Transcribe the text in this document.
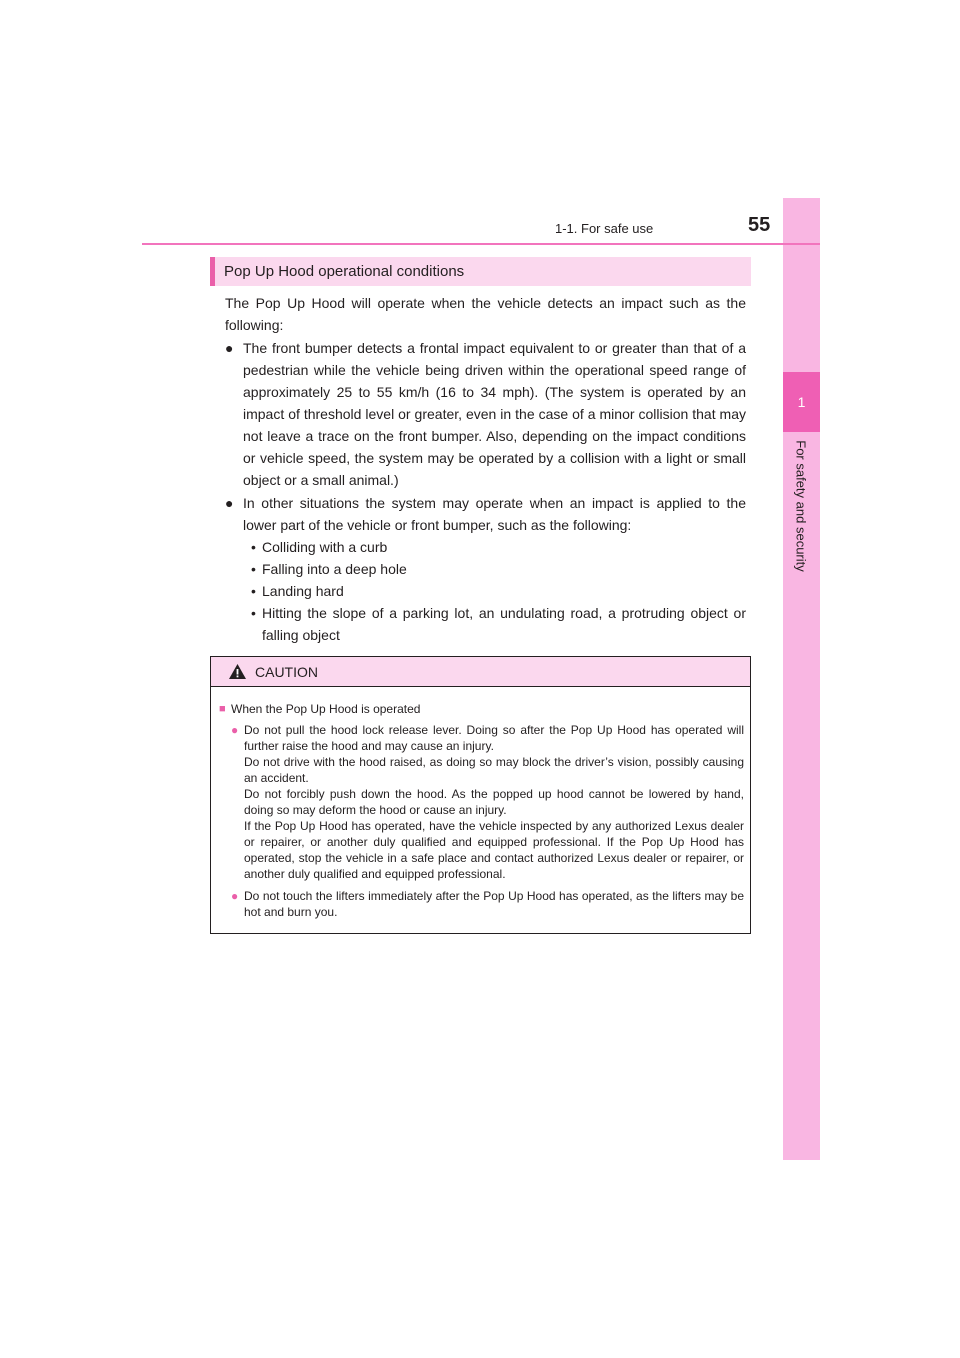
1
For safety and security
1-1. For safe use	55
Pop Up Hood operational conditions

The Pop Up Hood will operate when the vehicle detects an impact such as the following:

● The front bumper detects a frontal impact equivalent to or greater than that of a pedestrian while the vehicle being driven within the operational speed range of approximately 25 to 55 km/h (16 to 34 mph). (The system is operated by an impact of threshold level or greater, even in the case of a minor collision that may not leave a trace on the front bumper. Also, depending on the impact conditions or vehicle speed, the system may be operated by a collision with a light or small object or a small animal.)
● In other situations the system may operate when an impact is applied to the lower part of the vehicle or front bumper, such as the following:
• Colliding with a curb
• Falling into a deep hole
• Landing hard
• Hitting the slope of a parking lot, an undulating road, a protruding object or falling object
CAUTION
■ When the Pop Up Hood is operated
● Do not pull the hood lock release lever. Doing so after the Pop Up Hood has operated will further raise the hood and may cause an injury.
Do not drive with the hood raised, as doing so may block the driver’s vision, possibly causing an accident.
Do not forcibly push down the hood. As the popped up hood cannot be lowered by hand, doing so may deform the hood or cause an injury.
If the Pop Up Hood has operated, have the vehicle inspected by any authorized Lexus dealer or repairer, or another duly qualified and equipped professional. If the Pop Up Hood has operated, stop the vehicle in a safe place and contact authorized Lexus dealer or repairer, or another duly qualified and equipped professional.
● Do not touch the lifters immediately after the Pop Up Hood has operated, as the lifters may be hot and burn you.
